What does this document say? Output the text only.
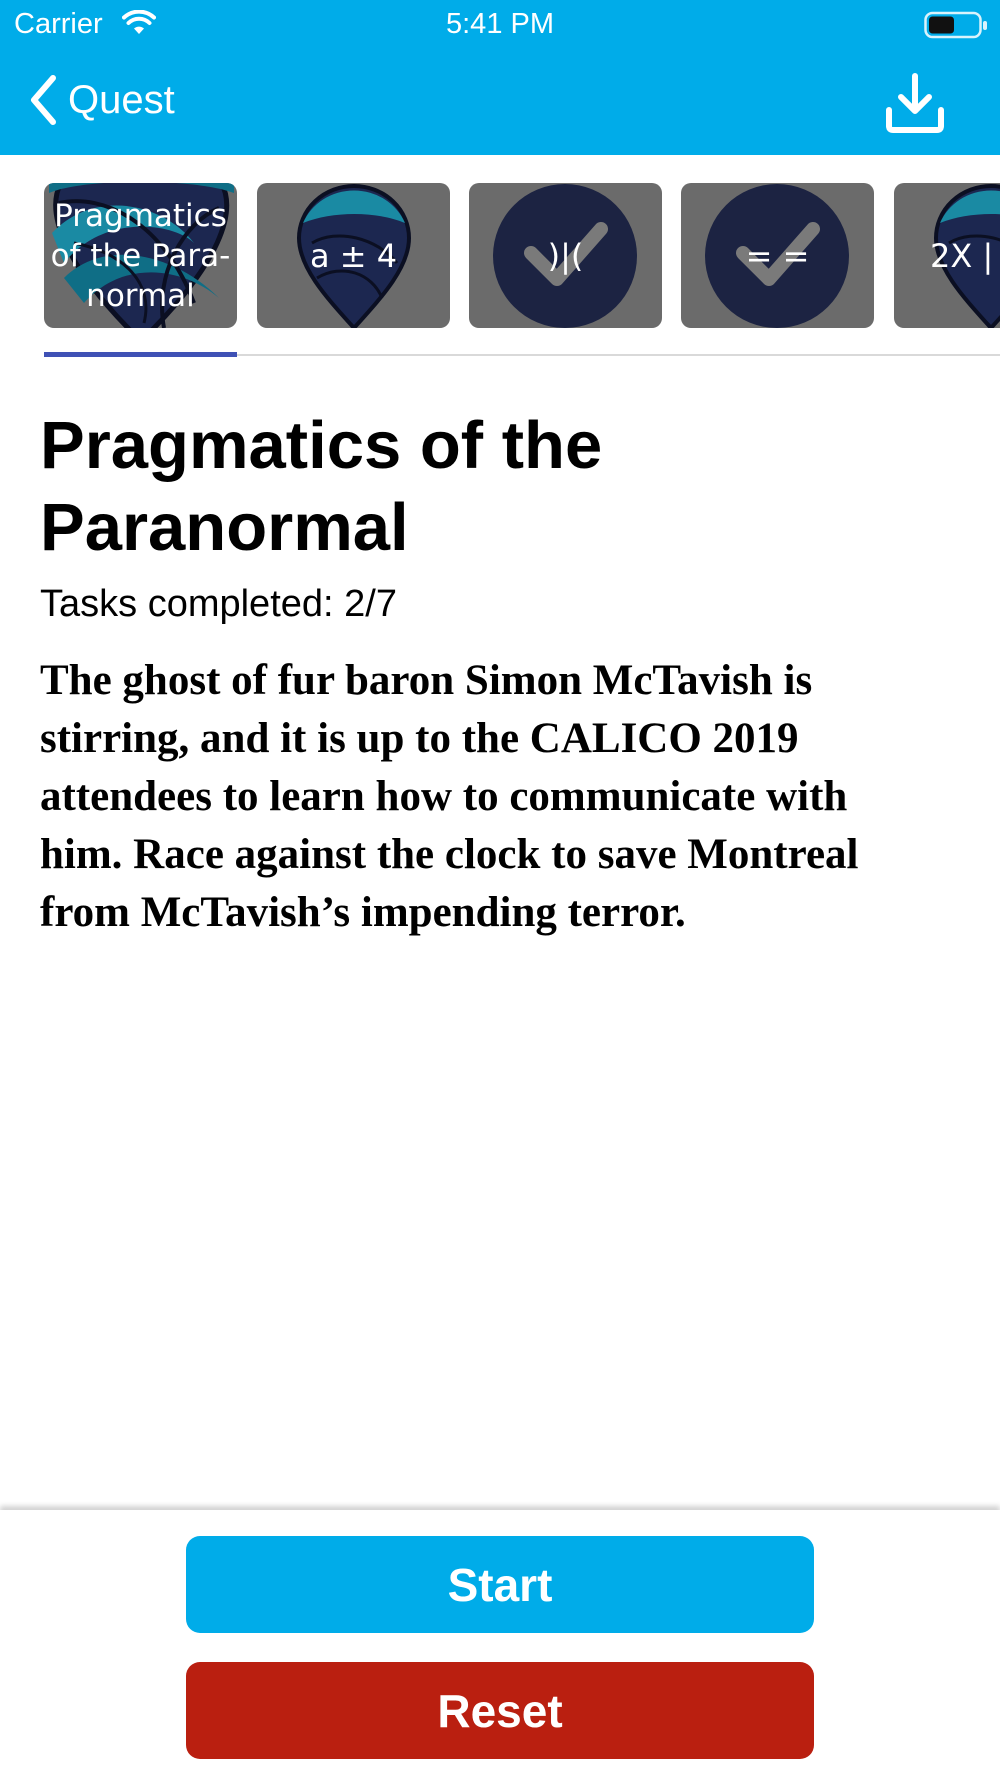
Carrier	5:41 PM
Quest
Pragmatics
of the Para-
normal
a ± 4	)|(	= =	2X |
Pragmatics of the Paranormal
Tasks completed: 2/7
The ghost of fur baron Simon McTavish is stirring, and it is up to the CALICO 2019 attendees to learn how to communicate with him. Race against the clock to save Montreal from McTavish’s impending terror.
Start
Reset
